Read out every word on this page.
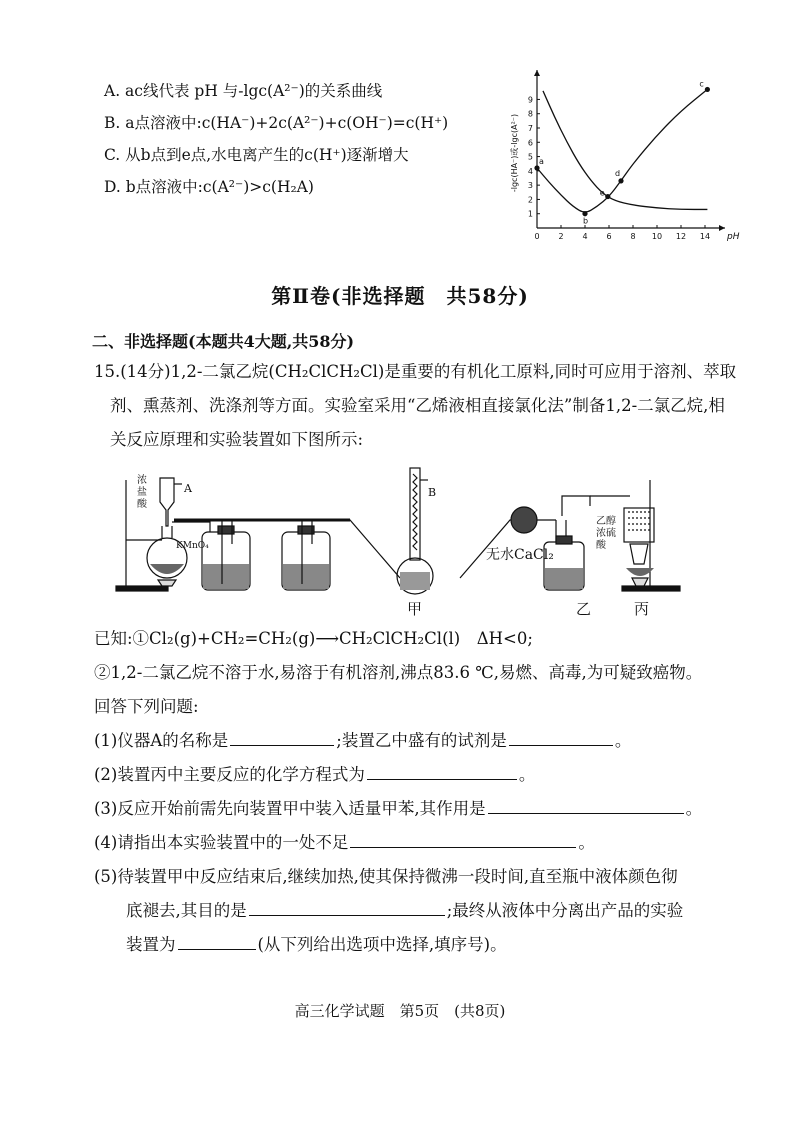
A. ac线代表 pH 与-lgc(A²⁻)的关系曲线
B. a点溶液中:c(HA⁻)+2c(A²⁻)+c(OH⁻)=c(H⁺)
C. 从b点到e点,水电离产生的c(H⁺)逐渐增大
D. b点溶液中:c(A²⁻)>c(H₂A)
0 2 4 6 8 10 12 14
1
2
3
4
5
6
7
8
9
pH
-lgc(HA⁻)或-lgc(A²⁻)	a
b
c
d
e
第Ⅱ卷(非选择题　共58分)
二、非选择题(本题共4大题,共58分)
15.(14分)1,2-二氯乙烷(CH₂ClCH₂Cl)是重要的有机化工原料,同时可应用于溶剂、萃取
剂、熏蒸剂、洗涤剂等方面。实验室采用“乙烯液相直接氯化法”制备1,2-二氯乙烷,相
关反应原理和实验装置如下图所示:
浓盐酸
A	B
KMnO₄
无水CaCl₂
乙醇浓硫酸
甲	乙	丙
已知:①Cl₂(g)+CH₂=CH₂(g)⟶CH₂ClCH₂Cl(l)　ΔH<0;
②1,2-二氯乙烷不溶于水,易溶于有机溶剂,沸点83.6 ℃,易燃、高毒,为可疑致癌物。
回答下列问题:
(1)仪器A的名称是	;装置乙中盛有的试剂是	。
(2)装置丙中主要反应的化学方程式为	。
(3)反应开始前需先向装置甲中装入适量甲苯,其作用是	。
(4)请指出本实验装置中的一处不足	。
(5)待装置甲中反应结束后,继续加热,使其保持微沸一段时间,直至瓶中液体颜色彻
底褪去,其目的是	;最终从液体中分离出产品的实验
装置为	(从下列给出选项中选择,填序号)。
高三化学试题　第5页　(共8页)
